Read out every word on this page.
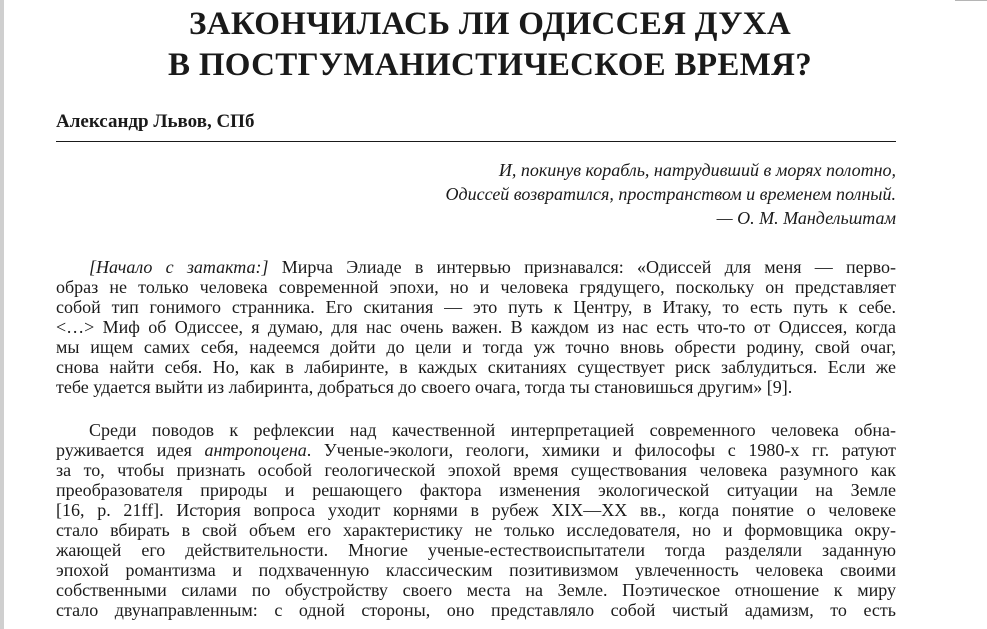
ЗАКОНЧИЛАСЬ ЛИ ОДИССЕЯ ДУХА
В ПОСТГУМАНИСТИЧЕСКОЕ ВРЕМЯ?
Александр Львов, СПб
И, покинув корабль, натрудивший в морях полотно,
Одиссей возвратился, пространством и временем полный.
— О. М. Мандельштам
[Начало с затакта:] Мирча Элиаде в интервью признавался: «Одиссей для меня — перво-
образ не только человека современной эпохи, но и человека грядущего, поскольку он представляет
собой тип гонимого странника. Его скитания — это путь к Центру, в Итаку, то есть путь к себе.
<…> Миф об Одиссее, я думаю, для нас очень важен. В каждом из нас есть что-то от Одиссея, когда
мы ищем самих себя, надеемся дойти до цели и тогда уж точно вновь обрести родину, свой очаг,
снова найти себя. Но, как в лабиринте, в каждых скитаниях существует риск заблудиться. Если же
тебе удается выйти из лабиринта, добраться до своего очага, тогда ты становишься другим» [9].
Среди поводов к рефлексии над качественной интерпретацией современного человека обна-
руживается идея антропоцена. Ученые-экологи, геологи, химики и философы с 1980-х гг. ратуют
за то, чтобы признать особой геологической эпохой время существования человека разумного как
преобразователя природы и решающего фактора изменения экологической ситуации на Земле
[16, p. 21ff]. История вопроса уходит корнями в рубеж XIX—XX вв., когда понятие о человеке
стало вбирать в свой объем его характеристику не только исследователя, но и формовщика окру-
жающей его действительности. Многие ученые-естествоиспытатели тогда разделяли заданную
эпохой романтизма и подхваченную классическим позитивизмом увлеченность человека своими
собственными силами по обустройству своего места на Земле. Поэтическое отношение к миру
стало двунаправленным: с одной стороны, оно представляло собой чистый адамизм, то есть
